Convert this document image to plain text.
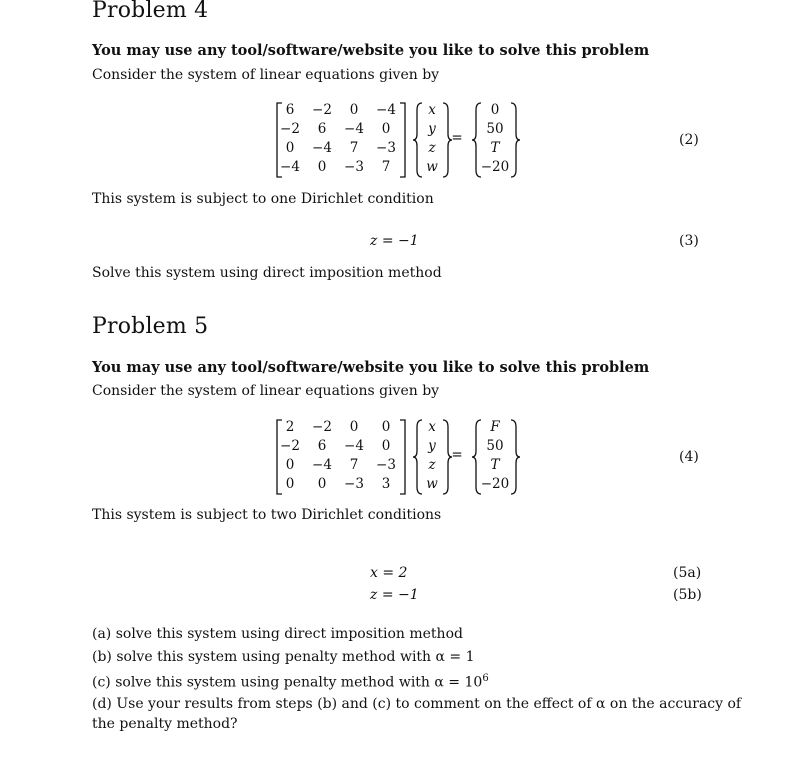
Problem 4
You may use any tool/software/website you like to solve this problem
Consider the system of linear equations given by
6	−2	0	−4
−2	6	−4	0
0	−4	7	−3
−4	0	−3	7
x
y
z
w
=
0
50
T
−20
(2)
This system is subject to one Dirichlet condition
z = −1	(3)
Solve this system using direct imposition method
Problem 5
You may use any tool/software/website you like to solve this problem
Consider the system of linear equations given by
2	−2	0	0
−2	6	−4	0
0	−4	7	−3
0	0	−3	3
x
y
z
w
=
F
50
T
−20
(4)
This system is subject to two Dirichlet conditions
x = 2	(5a)
z = −1	(5b)
(a) solve this system using direct imposition method
(b) solve this system using penalty method with α = 1
(c) solve this system using penalty method with $\alpha = 10^6$
(d) Use your results from steps (b) and (c) to comment on the effect of α on the accuracy of
the penalty method?
